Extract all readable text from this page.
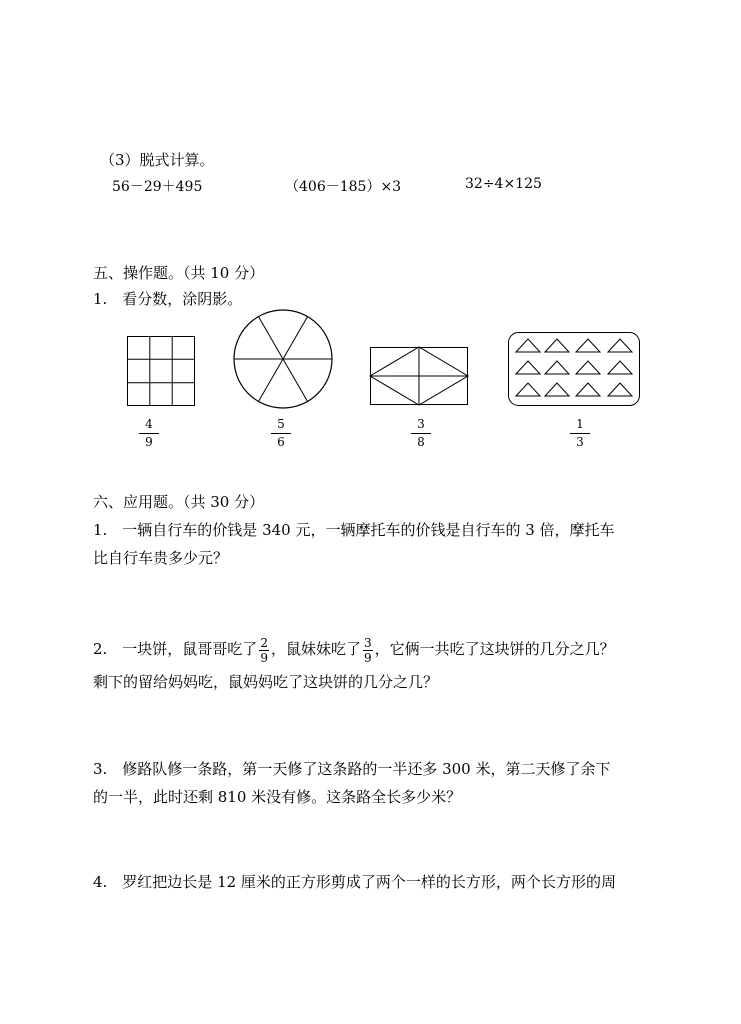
（3）脱式计算。
56－29＋495	（406－185）×3	32÷4×125
五、操作题。（共 10 分）
1.　看分数，涂阴影。
4
9
5
6
3
8
1
3
六、应用题。（共 30 分）
1.　一辆自行车的价钱是 340 元，一辆摩托车的价钱是自行车的 3 倍，摩托车
比自行车贵多少元？
2.　一块饼，鼠哥哥吃了 $\frac{2}{9}$ ，鼠妹妹吃了 $\frac{3}{9}$ ，它俩一共吃了这块饼的几分之几？
剩下的留给妈妈吃，鼠妈妈吃了这块饼的几分之几？
3.　修路队修一条路，第一天修了这条路的一半还多 300 米，第二天修了余下
的一半，此时还剩 810 米没有修。这条路全长多少米？
4.　罗红把边长是 12 厘米的正方形剪成了两个一样的长方形，两个长方形的周
